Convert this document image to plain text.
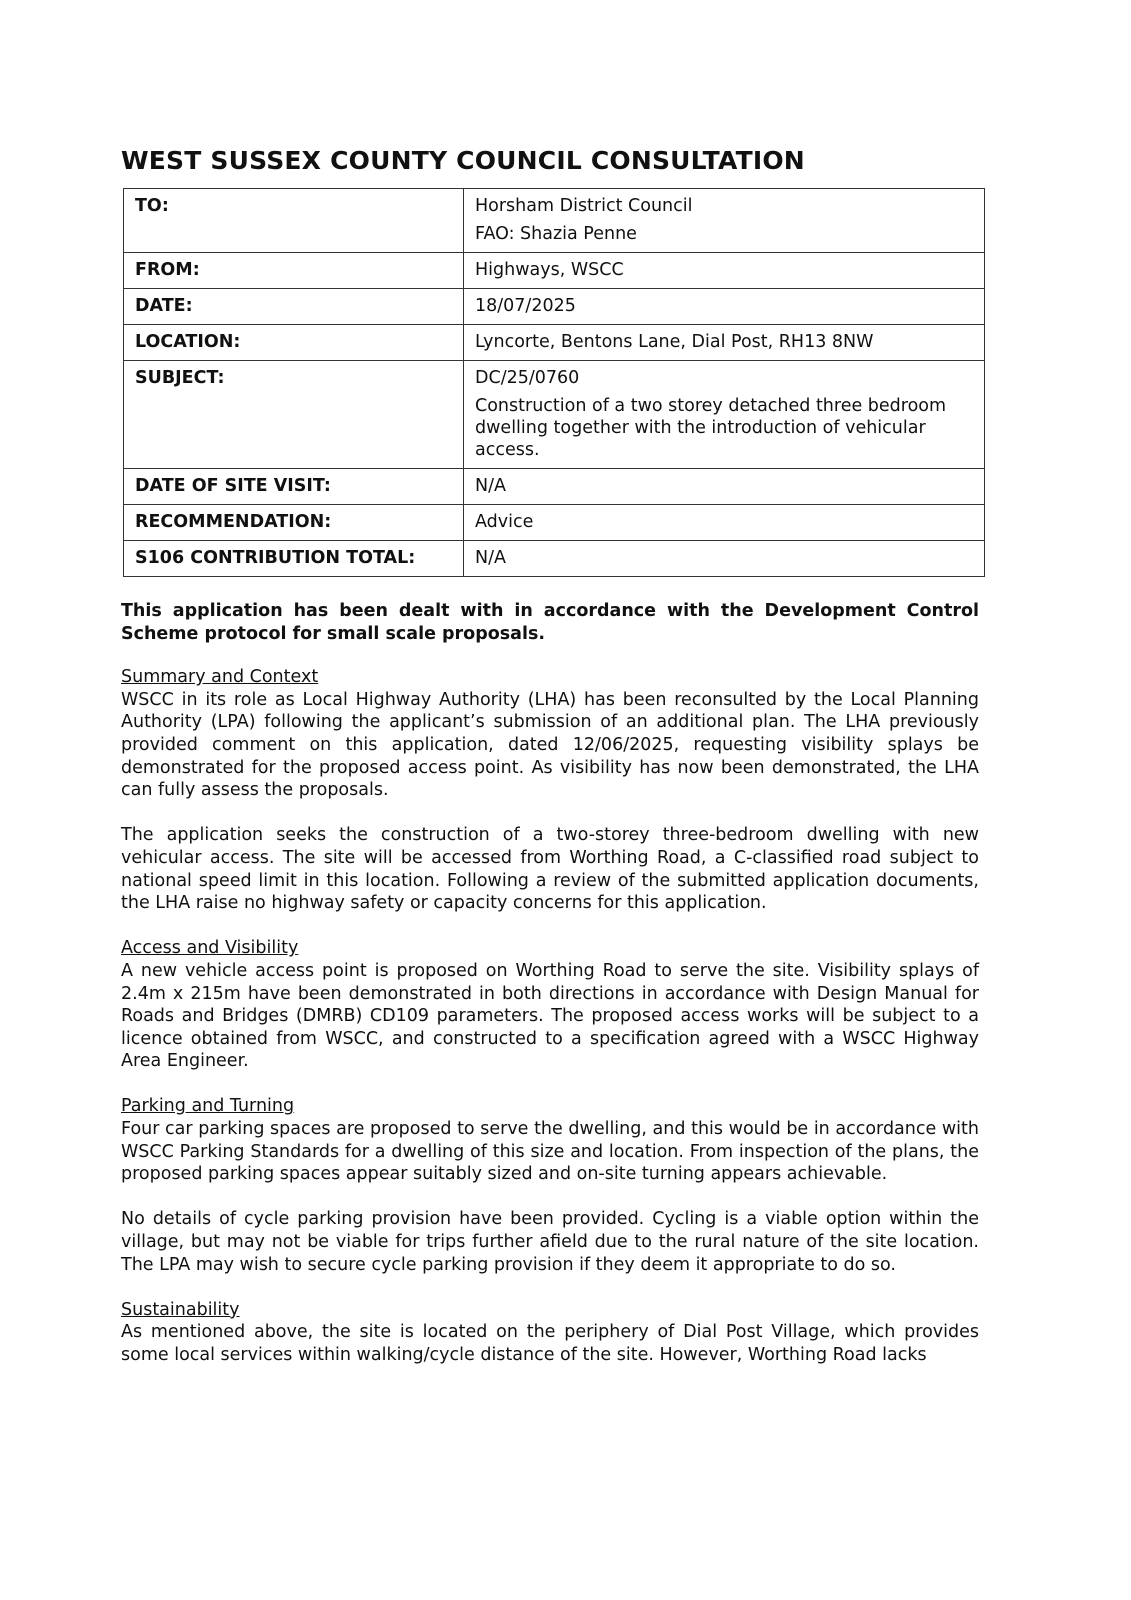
WEST SUSSEX COUNTY COUNCIL CONSULTATION
TO:	Horsham District Council
FAO: Shazia Penne

FROM:	Highways, WSCC
DATE:	18/07/2025
LOCATION:	Lyncorte, Bentons Lane, Dial Post, RH13 8NW
SUBJECT:	DC/25/0760
Construction of a two storey detached three bedroom dwelling together with the introduction of vehicular access.

DATE OF SITE VISIT:	N/A
RECOMMENDATION:	Advice
S106 CONTRIBUTION TOTAL:	N/A

This application has been dealt with in accordance with the Development Control Scheme protocol for small scale proposals.

Summary and Context

WSCC in its role as Local Highway Authority (LHA) has been reconsulted by the Local Planning Authority (LPA) following the applicant’s submission of an additional plan. The LHA previously provided comment on this application, dated 12/06/2025, requesting visibility splays be demonstrated for the proposed access point. As visibility has now been demonstrated, the LHA can fully assess the proposals.

The application seeks the construction of a two-storey three-bedroom dwelling with new vehicular access. The site will be accessed from Worthing Road, a C-classified road subject to national speed limit in this location. Following a review of the submitted application documents, the LHA raise no highway safety or capacity concerns for this application.

Access and Visibility

A new vehicle access point is proposed on Worthing Road to serve the site. Visibility splays of 2.4m x 215m have been demonstrated in both directions in accordance with Design Manual for Roads and Bridges (DMRB) CD109 parameters. The proposed access works will be subject to a licence obtained from WSCC, and constructed to a specification agreed with a WSCC Highway Area Engineer.

Parking and Turning

Four car parking spaces are proposed to serve the dwelling, and this would be in accordance with WSCC Parking Standards for a dwelling of this size and location. From inspection of the plans, the proposed parking spaces appear suitably sized and on-site turning appears achievable.

No details of cycle parking provision have been provided. Cycling is a viable option within the village, but may not be viable for trips further afield due to the rural nature of the site location. The LPA may wish to secure cycle parking provision if they deem it appropriate to do so.

Sustainability

As mentioned above, the site is located on the periphery of Dial Post Village, which provides some local services within walking/cycle distance of the site. However, Worthing Road lacks
